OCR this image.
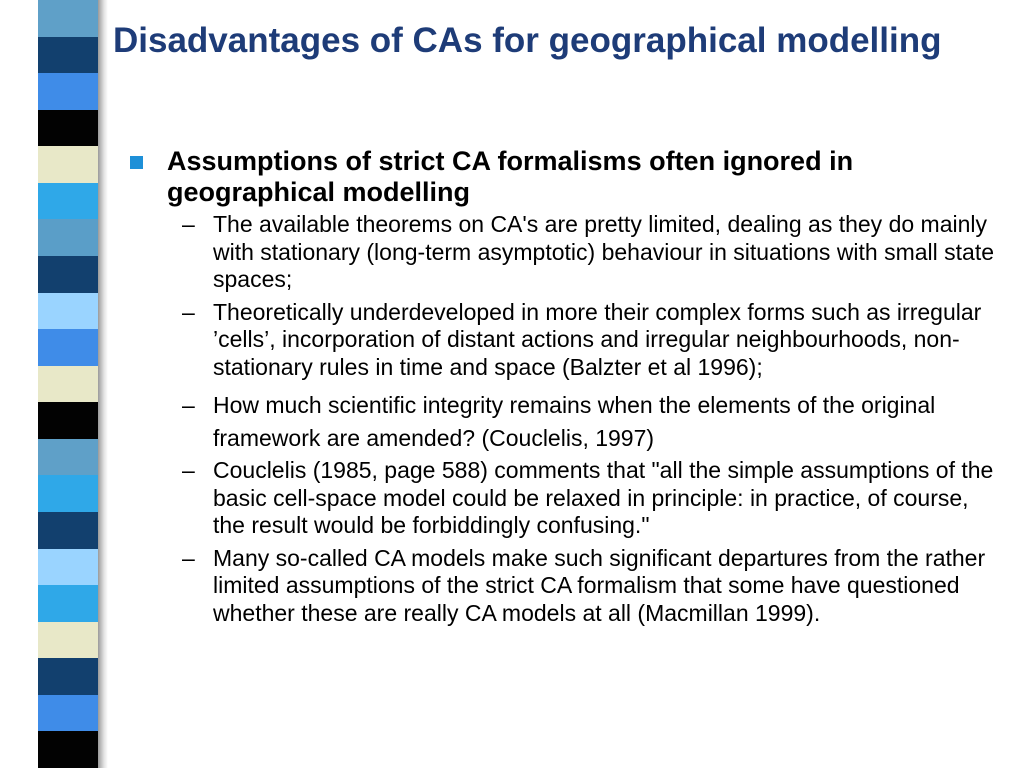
Disadvantages of CAs for geographical modelling
Assumptions of strict CA formalisms often ignored in geographical modelling
– The available theorems on CA's are pretty limited, dealing as they do mainly with stationary (long-term asymptotic) behaviour in situations with small state spaces;
– Theoretically underdeveloped in more their complex forms such as irregular ’cells’, incorporation of distant actions and irregular neighbourhoods, non-stationary rules in time and space (Balzter et al 1996);
– How much scientific integrity remains when the elements of the original framework are amended? (Couclelis, 1997)
– Couclelis (1985, page 588) comments that "all the simple assumptions of the basic cell-space model could be relaxed in principle: in practice, of course, the result would be forbiddingly confusing."
– Many so-called CA models make such significant departures from the rather limited assumptions of the strict CA formalism that some have questioned whether these are really CA models at all (Macmillan 1999).
